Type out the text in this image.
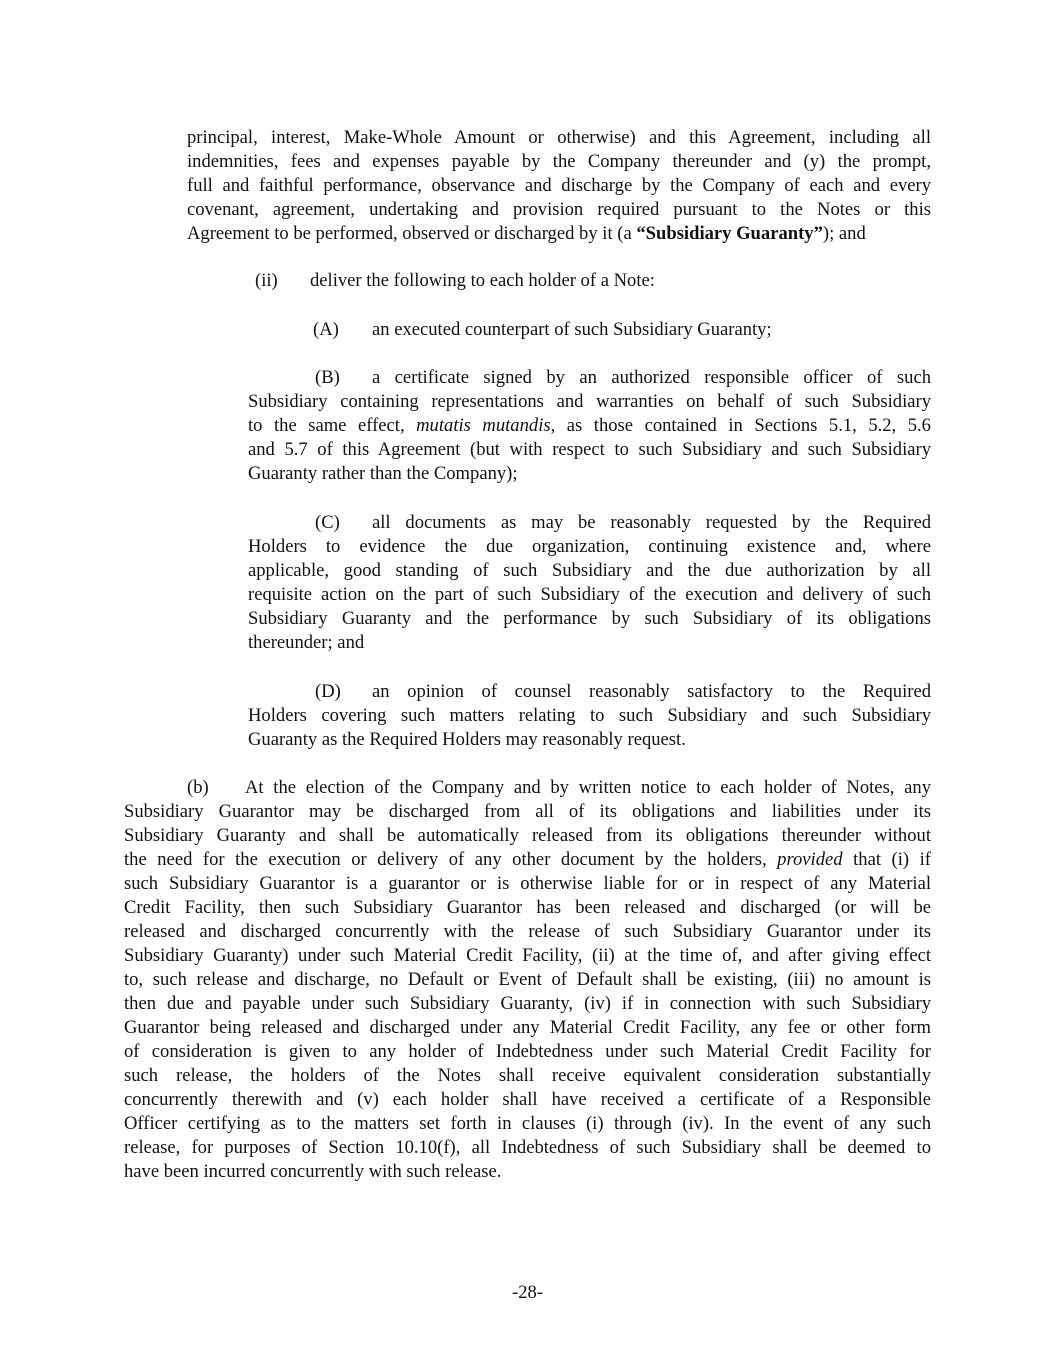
principal, interest, Make-Whole Amount or otherwise) and this Agreement, including all
indemnities, fees and expenses payable by the Company thereunder and (y) the prompt,
full and faithful performance, observance and discharge by the Company of each and every
covenant, agreement, undertaking and provision required pursuant to the Notes or this
Agreement to be performed, observed or discharged by it (a “Subsidiary Guaranty”); and
(ii) deliver the following to each holder of a Note:
(A) an executed counterpart of such Subsidiary Guaranty;
(B) a certificate signed by an authorized responsible officer of such
Subsidiary containing representations and warranties on behalf of such Subsidiary
to the same effect, mutatis mutandis, as those contained in Sections 5.1, 5.2, 5.6
and 5.7 of this Agreement (but with respect to such Subsidiary and such Subsidiary
Guaranty rather than the Company);
(C) all documents as may be reasonably requested by the Required
Holders to evidence the due organization, continuing existence and, where
applicable, good standing of such Subsidiary and the due authorization by all
requisite action on the part of such Subsidiary of the execution and delivery of such
Subsidiary Guaranty and the performance by such Subsidiary of its obligations
thereunder; and
(D) an opinion of counsel reasonably satisfactory to the Required
Holders covering such matters relating to such Subsidiary and such Subsidiary
Guaranty as the Required Holders may reasonably request.
(b) At the election of the Company and by written notice to each holder of Notes, any
Subsidiary Guarantor may be discharged from all of its obligations and liabilities under its
Subsidiary Guaranty and shall be automatically released from its obligations thereunder without
the need for the execution or delivery of any other document by the holders, provided that (i) if
such Subsidiary Guarantor is a guarantor or is otherwise liable for or in respect of any Material
Credit Facility, then such Subsidiary Guarantor has been released and discharged (or will be
released and discharged concurrently with the release of such Subsidiary Guarantor under its
Subsidiary Guaranty) under such Material Credit Facility, (ii) at the time of, and after giving effect
to, such release and discharge, no Default or Event of Default shall be existing, (iii) no amount is
then due and payable under such Subsidiary Guaranty, (iv) if in connection with such Subsidiary
Guarantor being released and discharged under any Material Credit Facility, any fee or other form
of consideration is given to any holder of Indebtedness under such Material Credit Facility for
such release, the holders of the Notes shall receive equivalent consideration substantially
concurrently therewith and (v) each holder shall have received a certificate of a Responsible
Officer certifying as to the matters set forth in clauses (i) through (iv). In the event of any such
release, for purposes of Section 10.10(f), all Indebtedness of such Subsidiary shall be deemed to
have been incurred concurrently with such release.
-28-
